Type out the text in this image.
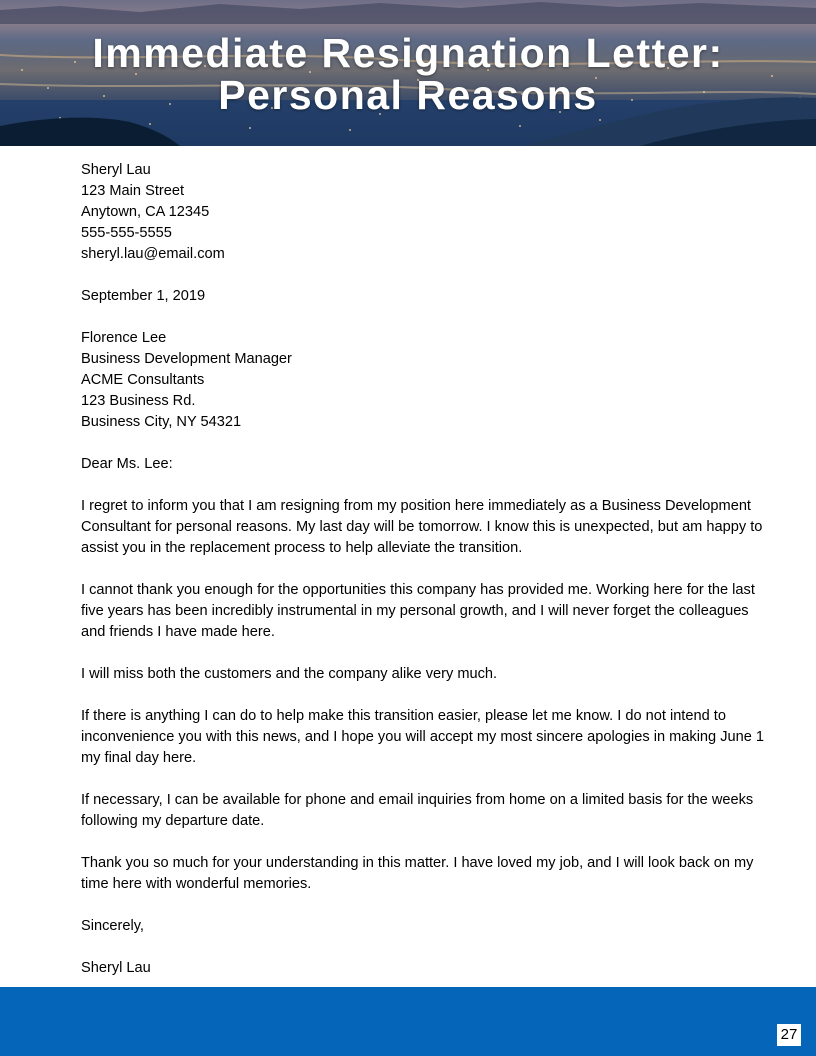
Immediate Resignation Letter:
Personal Reasons

Sheryl Lau
123 Main Street
Anytown, CA 12345
555-555-5555
sheryl.lau@email.com

September 1, 2019

Florence Lee
Business Development Manager
ACME Consultants
123 Business Rd.
Business City, NY 54321

Dear Ms. Lee:

I regret to inform you that I am resigning from my position here immediately as a Business Development Consultant for personal reasons. My last day will be tomorrow. I know this is unexpected, but am happy to assist you in the replacement process to help alleviate the transition.

I cannot thank you enough for the opportunities this company has provided me. Working here for the last five years has been incredibly instrumental in my personal growth, and I will never forget the colleagues and friends I have made here.

I will miss both the customers and the company alike very much.

If there is anything I can do to help make this transition easier, please let me know. I do not intend to inconvenience you with this news, and I hope you will accept my most sincere apologies in making June 1 my final day here.

If necessary, I can be available for phone and email inquiries from home on a limited basis for the weeks following my departure date.

Thank you so much for your understanding in this matter. I have loved my job, and I will look back on my time here with wonderful memories.

Sincerely,

Sheryl Lau

27
